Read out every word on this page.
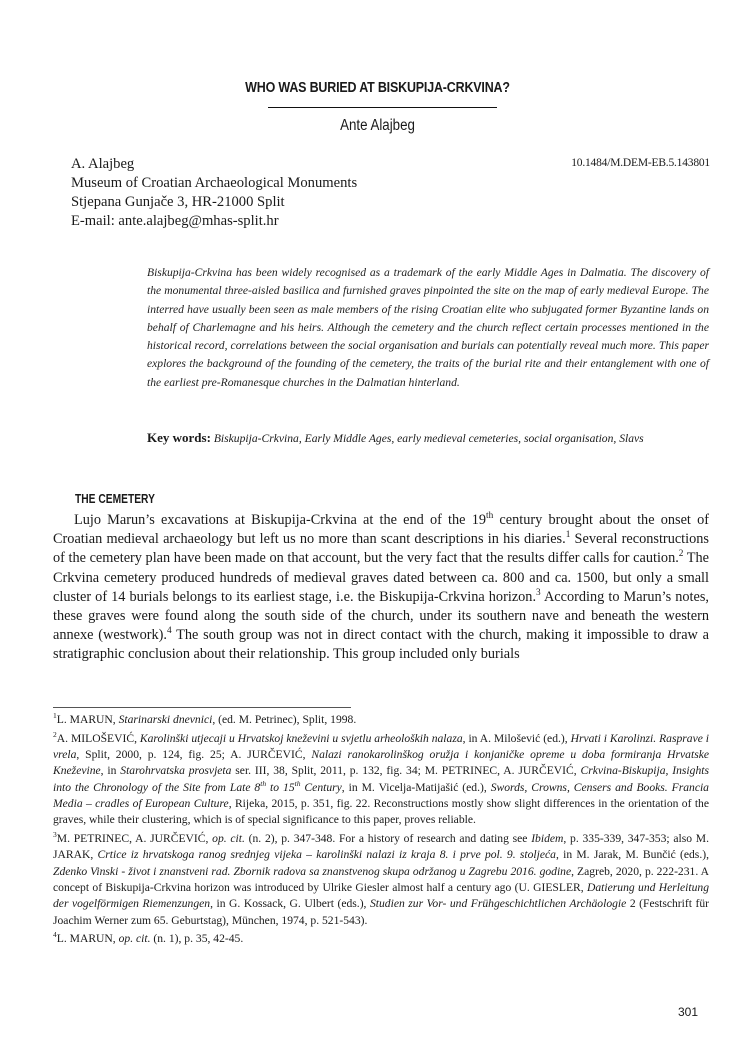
WHO WAS BURIED AT BISKUPIJA-CRKVINA?
Ante Alajbeg
A. Alajbeg
Museum of Croatian Archaeological Monuments
Stjepana Gunjače 3, HR-21000 Split
E-mail: ante.alajbeg@mhas-split.hr
10.1484/M.DEM-EB.5.143801
Biskupija-Crkvina has been widely recognised as a trademark of the early Middle Ages in Dalmatia. The discovery of the monumental three-aisled basilica and furnished graves pinpointed the site on the map of early medieval Europe. The interred have usually been seen as male members of the rising Croatian elite who subjugated former Byzantine lands on behalf of Charlemagne and his heirs. Although the cemetery and the church reflect certain processes mentioned in the historical record, correlations between the social organisation and burials can potentially reveal much more. This paper explores the background of the founding of the cemetery, the traits of the burial rite and their entanglement with one of the earliest pre-Romanesque churches in the Dalmatian hinterland.
Key words: Biskupija-Crkvina, Early Middle Ages, early medieval cemeteries, social organisation, Slavs
THE CEMETERY
Lujo Marun’s excavations at Biskupija-Crkvina at the end of the 19th century brought about the onset of Croatian medieval archaeology but left us no more than scant descriptions in his diaries.$^1$ Several reconstructions of the cemetery plan have been made on that account, but the very fact that the results differ calls for caution.$^2$ The Crkvina cemetery produced hundreds of medieval graves dated between ca. 800 and ca. 1500, but only a small cluster of 14 burials belongs to its earliest stage, i.e. the Biskupija-Crkvina horizon.$^3$ According to Marun’s notes, these graves were found along the south side of the church, under its southern nave and beneath the western annexe (westwork).$^4$ The south group was not in direct contact with the church, making it impossible to draw a stratigraphic conclusion about their relationship. This group included only burials
$^1$L. MARUN, Starinarski dnevnici, (ed. M. Petrinec), Split, 1998.
$^2$A. MILOŠEVIĆ, Karolinški utjecaji u Hrvatskoj kneževini u svjetlu arheoloških nalaza, in A. Milošević (ed.), Hrvati i Karolinzi. Rasprave i vrela, Split, 2000, p. 124, fig. 25; A. JURČEVIĆ, Nalazi ranokarolinškog oružja i konjaničke opreme u doba formiranja Hrvatske Kneževine, in Starohrvatska prosvjeta ser. III, 38, Split, 2011, p. 132, fig. 34; M. PETRINEC, A. JURČEVIĆ, Crkvina-Biskupija, Insights into the Chronology of the Site from Late 8th to 15th Century, in M. Vicelja-Matijašić (ed.), Swords, Crowns, Censers and Books. Francia Media – cradles of European Culture, Rijeka, 2015, p. 351, fig. 22. Reconstructions mostly show slight differences in the orientation of the graves, while their clustering, which is of special significance to this paper, proves reliable.
$^3$M. PETRINEC, A. JURČEVIĆ, op. cit. (n. 2), p. 347-348. For a history of research and dating see Ibidem, p. 335-339, 347-353; also M. JARAK, Crtice iz hrvatskoga ranog srednjeg vijeka – karolinški nalazi iz kraja 8. i prve pol. 9. stoljeća, in M. Jarak, M. Bunčić (eds.), Zdenko Vinski - život i znanstveni rad. Zbornik radova sa znanstvenog skupa održanog u Zagrebu 2016. godine, Zagreb, 2020, p. 222-231. A concept of Biskupija-Crkvina horizon was introduced by Ulrike Giesler almost half a century ago (U. GIESLER, Datierung und Herleitung der vogelförmigen Riemenzungen, in G. Kossack, G. Ulbert (eds.), Studien zur Vor- und Frühgeschichtlichen Archäologie 2 (Festschrift für Joachim Werner zum 65. Geburtstag), München, 1974, p. 521-543).
$^4$L. MARUN, op. cit. (n. 1), p. 35, 42-45.
301
